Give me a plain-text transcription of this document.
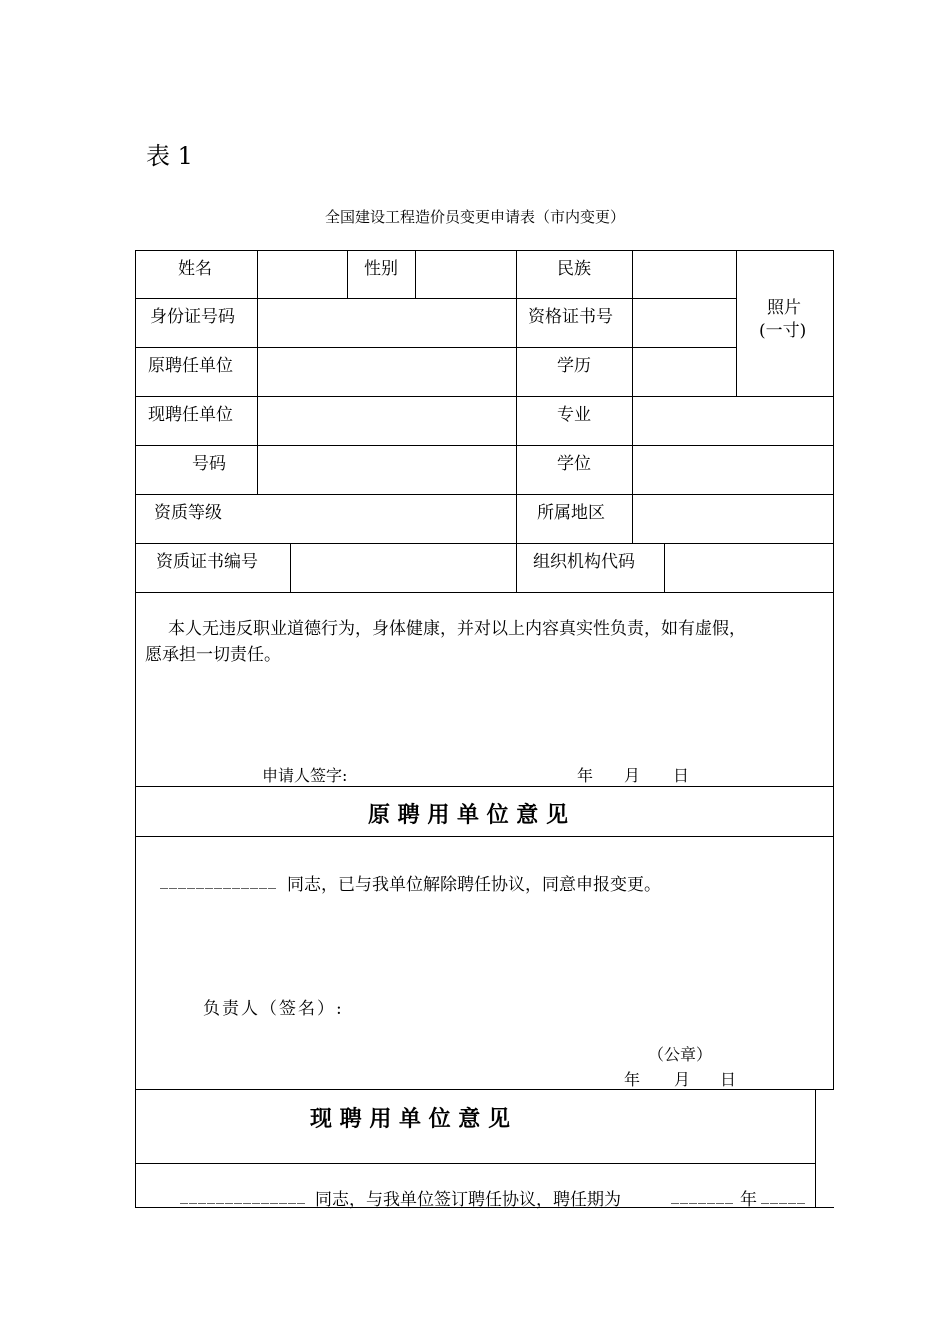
表 1
全国建设工程造价员变更申请表（市内变更）
姓名	性别	民族
照片
(一寸)
身份证号码	资格证书号
原聘任单位	学历
现聘任单位	专业
号码	学位
资质等级	所属地区
资质证书编号	组织机构代码
本人无违反职业道德行为，身体健康，并对以上内容真实性负责，如有虚假，
愿承担一切责任。
申请人签字:	年 月 日
原 聘 用 单 位 意 见
_____________ 同志，已与我单位解除聘任协议，同意申报变更。
负责人（签名）:
（公章）
年 月 日
现 聘 用 单 位 意 见
______________ 同志，与我单位签订聘任协议，聘任期为	_______ 年 _____
